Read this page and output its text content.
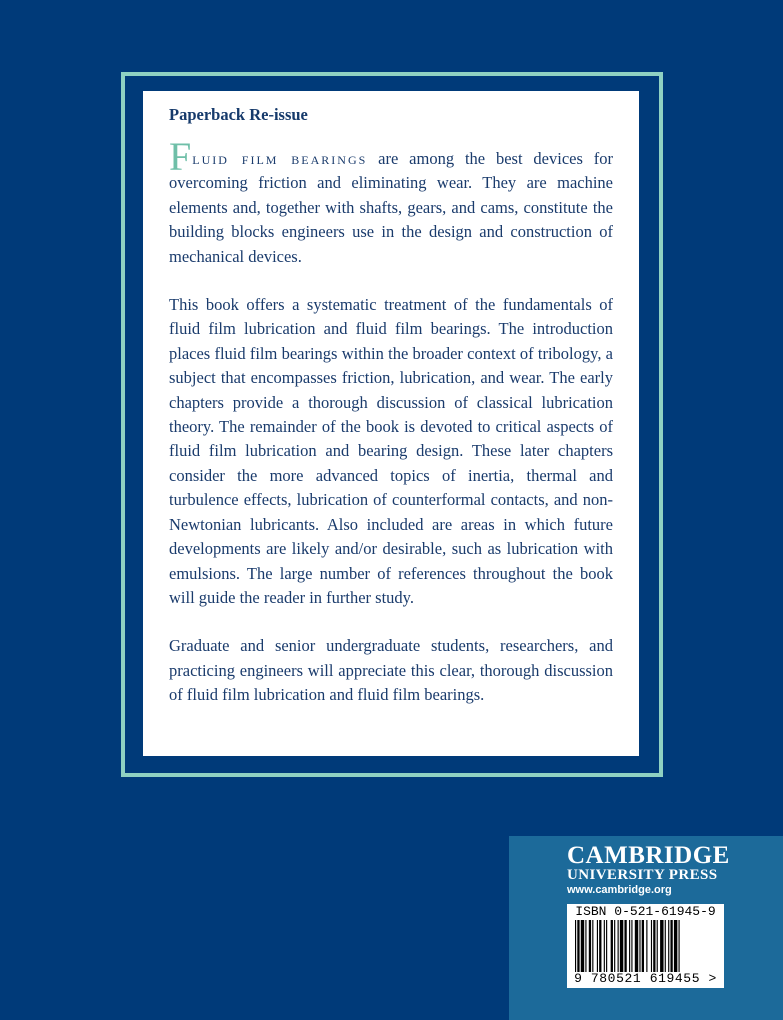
Paperback Re-issue

Fluid film bearings are among the best devices for overcoming friction and eliminating wear. They are machine elements and, together with shafts, gears, and cams, constitute the building blocks engineers use in the design and construction of mechanical devices.

This book offers a systematic treatment of the fundamentals of fluid film lubrication and fluid film bearings. The introduction places fluid film bearings within the broader context of tribology, a subject that encompasses friction, lubrication, and wear. The early chapters provide a thorough discussion of classical lubrication theory. The remainder of the book is devoted to critical aspects of fluid film lubrication and bearing design. These later chapters consider the more advanced topics of inertia, thermal and turbulence effects, lubrication of counterformal contacts, and non-Newtonian lubricants. Also included are areas in which future developments are likely and/or desirable, such as lubrication with emulsions. The large number of references throughout the book will guide the reader in further study.

Graduate and senior undergraduate students, researchers, and practicing engineers will appreciate this clear, thorough discussion of fluid film lubrication and fluid film bearings.

CAMBRIDGE
UNIVERSITY PRESS
www.cambridge.org
ISBN 0-521-61945-9
9 780521 619455 >
